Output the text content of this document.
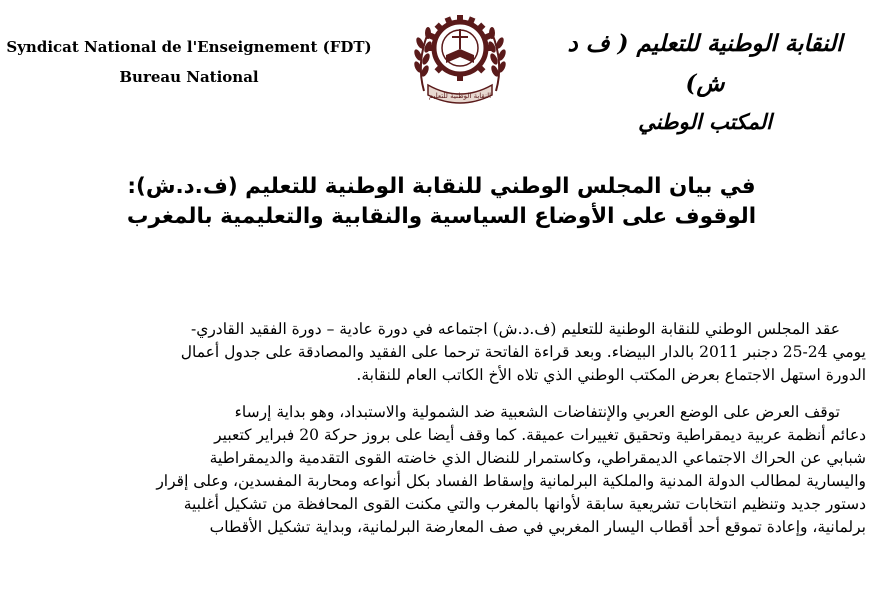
Syndicat National de l'Enseignement (FDT)
Bureau National
النقابة الوطنية للتعليم
النقابة الوطنية للتعليم ( ف د ش)
المكتب الوطني
في بيان المجلس الوطني للنقابة الوطنية للتعليم (ف.د.ش):
الوقوف على الأوضاع السياسية والنقابية والتعليمية بالمغرب
عقد المجلس الوطني للنقابة الوطنية للتعليم (ف.د.ش) اجتماعه في دورة عادية – دورة الفقيد القادري-
يومي 24-25 دجنبر 2011 بالدار البيضاء. وبعد قراءة الفاتحة ترحما على الفقيد والمصادقة على جدول أعمال
الدورة استهل الاجتماع بعرض المكتب الوطني الذي تلاه الأخ الكاتب العام للنقابة.
توقف العرض على الوضع العربي والإنتفاضات الشعبية ضد الشمولية والاستبداد، وهو بداية إرساء
دعائم أنظمة عربية ديمقراطية وتحقيق تغييرات عميقة. كما وقف أيضا على بروز حركة 20 فبراير كتعبير
شبابي عن الحراك الاجتماعي الديمقراطي، وكاستمرار للنضال الذي خاضته القوى التقدمية والديمقراطية
واليسارية لمطالب الدولة المدنية والملكية البرلمانية وإسقاط الفساد بكل أنواعه ومحاربة المفسدين، وعلى إقرار
دستور جديد وتنظيم انتخابات تشريعية سابقة لأوانها بالمغرب والتي مكنت القوى المحافظة من تشكيل أغلبية
برلمانية، وإعادة تموقع أحد أقطاب اليسار المغربي في صف المعارضة البرلمانية، وبداية تشكيل الأقطاب
